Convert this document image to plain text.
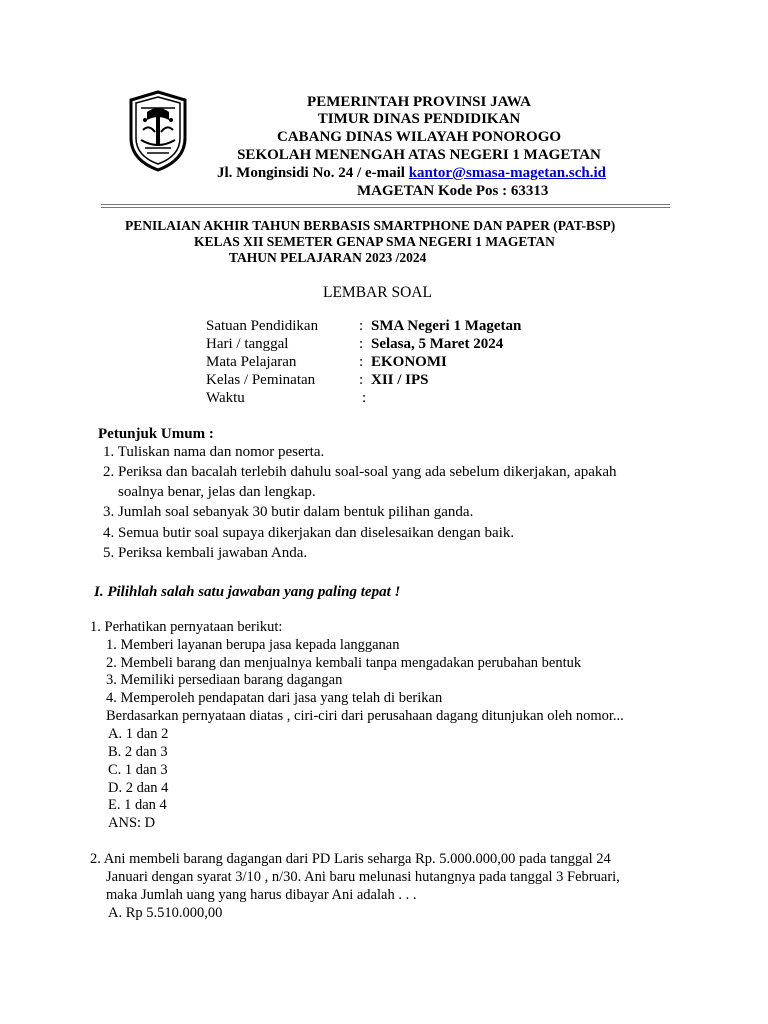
PEMERINTAH PROVINSI JAWA
TIMUR DINAS PENDIDIKAN
CABANG DINAS WILAYAH PONOROGO
SEKOLAH MENENGAH ATAS NEGERI 1 MAGETAN
Jl. Monginsidi No. 24 / e-mail kantor@smasa-magetan.sch.id
MAGETAN Kode Pos : 63313
PENILAIAN AKHIR TAHUN BERBASIS SMARTPHONE DAN PAPER (PAT-BSP)
KELAS XII SEMETER GENAP SMA NEGERI 1 MAGETAN
TAHUN PELAJARAN 2023 /2024
LEMBAR SOAL
Satuan Pendidikan	: SMA Negeri 1 Magetan
Hari / tanggal	: Selasa, 5 Maret 2024
Mata Pelajaran	: EKONOMI
Kelas / Peminatan	: XII / IPS
Waktu	:
Petunjuk Umum :
1. Tuliskan nama dan nomor peserta.
2. Periksa dan bacalah terlebih dahulu soal-soal yang ada sebelum dikerjakan, apakah
soalnya benar, jelas dan lengkap.
3. Jumlah soal sebanyak 30 butir dalam bentuk pilihan ganda.
4. Semua butir soal supaya dikerjakan dan diselesaikan dengan baik.
5. Periksa kembali jawaban Anda.
I. Pilihlah salah satu jawaban yang paling tepat !
1. Perhatikan pernyataan berikut:
1. Memberi layanan berupa jasa kepada langganan
2. Membeli barang dan menjualnya kembali tanpa mengadakan perubahan bentuk
3. Memiliki persediaan barang dagangan
4. Memperoleh pendapatan dari jasa yang telah di berikan
Berdasarkan pernyataan diatas , ciri-ciri dari perusahaan dagang ditunjukan oleh nomor...
A. 1 dan 2
B. 2 dan 3
C. 1 dan 3
D. 2 dan 4
E. 1 dan 4
ANS: D
2. Ani membeli barang dagangan dari PD Laris seharga Rp. 5.000.000,00 pada tanggal 24
Januari dengan syarat 3/10 , n/30. Ani baru melunasi hutangnya pada tanggal 3 Februari,
maka Jumlah uang yang harus dibayar Ani adalah . . .
A. Rp 5.510.000,00
